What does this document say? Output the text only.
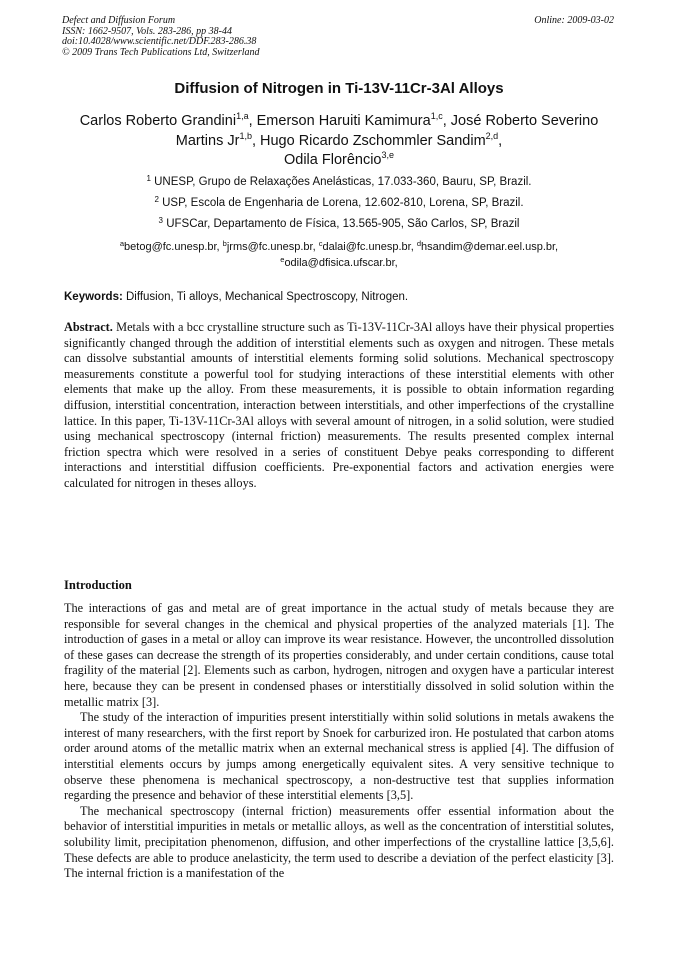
Defect and Diffusion Forum
ISSN: 1662-9507, Vols. 283-286, pp 38-44
doi:10.4028/www.scientific.net/DDF.283-286.38
© 2009 Trans Tech Publications Ltd, Switzerland
Online: 2009-03-02
Diffusion of Nitrogen in Ti-13V-11Cr-3Al Alloys
Carlos Roberto Grandini$^{1,a}$, Emerson Haruiti Kamimura$^{1,c}$, José Roberto Severino Martins Jr$^{1,b}$, Hugo Ricardo Zschommler Sandim$^{2,d}$,
Odila Florêncio$^{3,e}$
$^1$ UNESP, Grupo de Relaxações Anelásticas, 17.033-360, Bauru, SP, Brazil.
$^2$ USP, Escola de Engenharia de Lorena, 12.602-810, Lorena, SP, Brazil.
$^3$ UFSCar, Departamento de Física, 13.565-905, São Carlos, SP, Brazil
$^a$betog@fc.unesp.br, $^b$jrms@fc.unesp.br, $^c$dalai@fc.unesp.br, $^d$hsandim@demar.eel.usp.br,
$^e$odila@dfisica.ufscar.br,
Keywords: Diffusion, Ti alloys, Mechanical Spectroscopy, Nitrogen.
Abstract. Metals with a bcc crystalline structure such as Ti-13V-11Cr-3Al alloys have their physical properties significantly changed through the addition of interstitial elements such as oxygen and nitrogen. These metals can dissolve substantial amounts of interstitial elements forming solid solutions. Mechanical spectroscopy measurements constitute a powerful tool for studying interactions of these interstitial elements with other elements that make up the alloy. From these measurements, it is possible to obtain information regarding diffusion, interstitial concentration, interaction between interstitials, and other imperfections of the crystalline lattice. In this paper, Ti-13V-11Cr-3Al alloys with several amount of nitrogen, in a solid solution, were studied using mechanical spectroscopy (internal friction) measurements. The results presented complex internal friction spectra which were resolved in a series of constituent Debye peaks corresponding to different interactions and interstitial diffusion coefficients. Pre-exponential factors and activation energies were calculated for nitrogen in theses alloys.
Introduction

The interactions of gas and metal are of great importance in the actual study of metals because they are responsible for several changes in the chemical and physical properties of the analyzed materials [1]. The introduction of gases in a metal or alloy can improve its wear resistance. However, the uncontrolled dissolution of these gases can decrease the strength of its properties considerably, and under certain conditions, cause total fragility of the material [2]. Elements such as carbon, hydrogen, nitrogen and oxygen have a particular interest here, because they can be present in condensed phases or interstitially dissolved in solid solution within the metallic matrix [3].

The study of the interaction of impurities present interstitially within solid solutions in metals awakens the interest of many researchers, with the first report by Snoek for carburized iron. He postulated that carbon atoms order around atoms of the metallic matrix when an external mechanical stress is applied [4]. The diffusion of interstitial elements occurs by jumps among energetically equivalent sites. A very sensitive technique to observe these phenomena is mechanical spectroscopy, a non-destructive test that supplies information regarding the presence and behavior of these interstitial elements [3,5].

The mechanical spectroscopy (internal friction) measurements offer essential information about the behavior of interstitial impurities in metals or metallic alloys, as well as the concentration of interstitial solutes, solubility limit, precipitation phenomenon, diffusion, and other imperfections of the crystalline lattice [3,5,6]. These defects are able to produce anelasticity, the term used to describe a deviation of the perfect elasticity [3]. The internal friction is a manifestation of the
